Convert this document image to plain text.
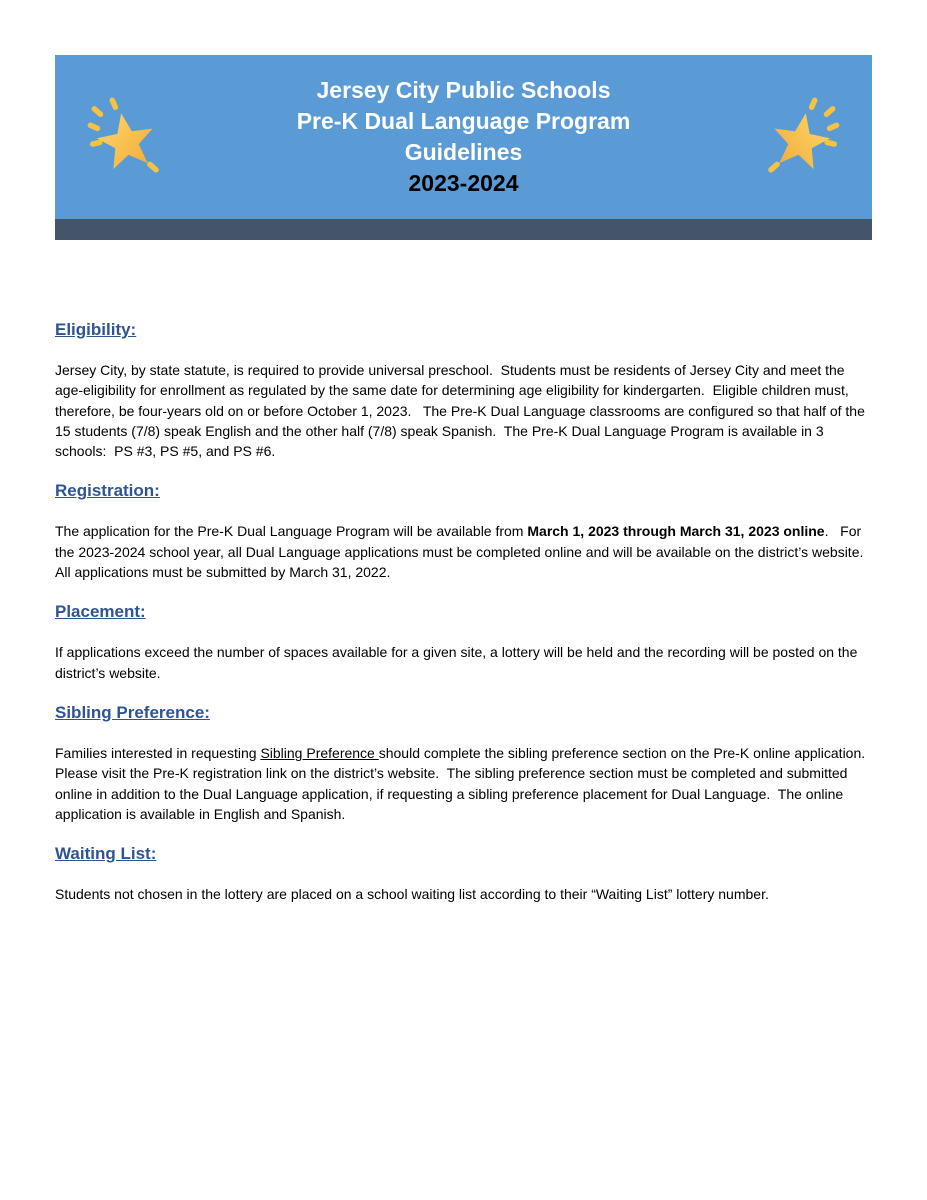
Jersey City Public Schools
Pre-K Dual Language Program
Guidelines
2023-2024
Eligibility:

Jersey City, by state statute, is required to provide universal preschool.  Students must be residents of Jersey City and meet the age-eligibility for enrollment as regulated by the same date for determining age eligibility for kindergarten.  Eligible children must, therefore, be four-years old on or before October 1, 2023.   The Pre-K Dual Language classrooms are configured so that half of the 15 students (7/8) speak English and the other half (7/8) speak Spanish.  The Pre-K Dual Language Program is available in 3 schools:  PS #3, PS #5, and PS #6.

Registration:

The application for the Pre-K Dual Language Program will be available from March 1, 2023 through March 31, 2023 online.   For the 2023-2024 school year, all Dual Language applications must be completed online and will be available on the district’s website.  All applications must be submitted by March 31, 2022.

Placement:

If applications exceed the number of spaces available for a given site, a lottery will be held and the recording will be posted on the district’s website.

Sibling Preference:

Families interested in requesting Sibling Preference should complete the sibling preference section on the Pre-K online application.  Please visit the Pre-K registration link on the district’s website.  The sibling preference section must be completed and submitted online in addition to the Dual Language application, if requesting a sibling preference placement for Dual Language.  The online application is available in English and Spanish.

Waiting List:

Students not chosen in the lottery are placed on a school waiting list according to their “Waiting List” lottery number.
